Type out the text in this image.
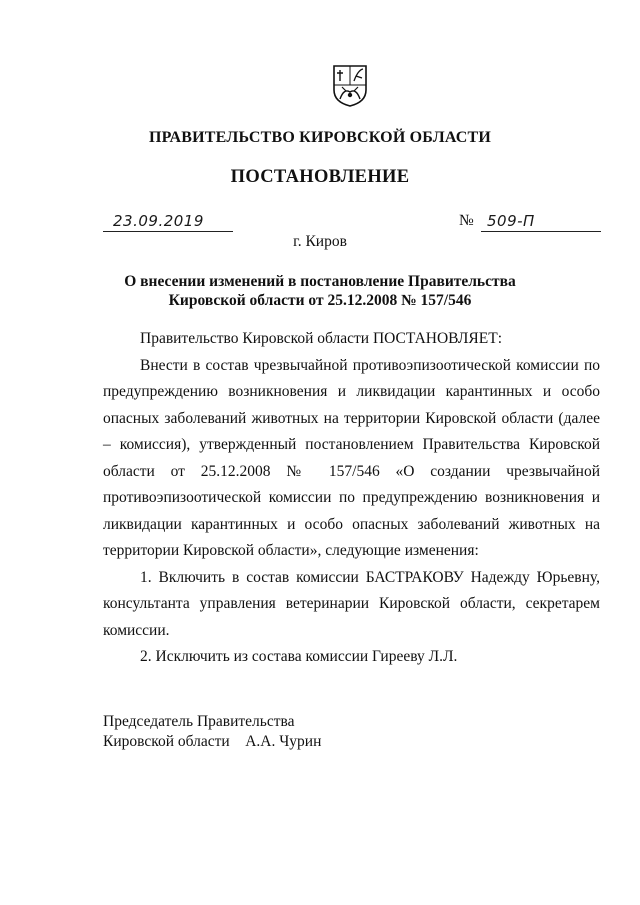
ПРАВИТЕЛЬСТВО КИРОВСКОЙ ОБЛАСТИ
ПОСТАНОВЛЕНИЕ
23.09.2019	№ 509-П
г. Киров
О внесении изменений в постановление Правительства
Кировской области от 25.12.2008 № 157/546

Правительство Кировской области ПОСТАНОВЛЯЕТ:

Внести в состав чрезвычайной противоэпизоотической комиссии по предупреждению возникновения и ликвидации карантинных и особо опасных заболеваний животных на территории Кировской области (далее – комиссия), утвержденный постановлением Правительства Кировской области от 25.12.2008 № 157/546 «О создании чрезвычайной противоэпизоотической комиссии по предупреждению возникновения и ликвидации карантинных и особо опасных заболеваний животных на территории Кировской области», следующие изменения:

1. Включить в состав комиссии БАСТРАКОВУ Надежду Юрьевну, консультанта управления ветеринарии Кировской области, секретарем комиссии.

2. Исключить из состава комиссии Гирееву Л.Л.

Председатель Правительства
Кировской области А.А. Чурин
